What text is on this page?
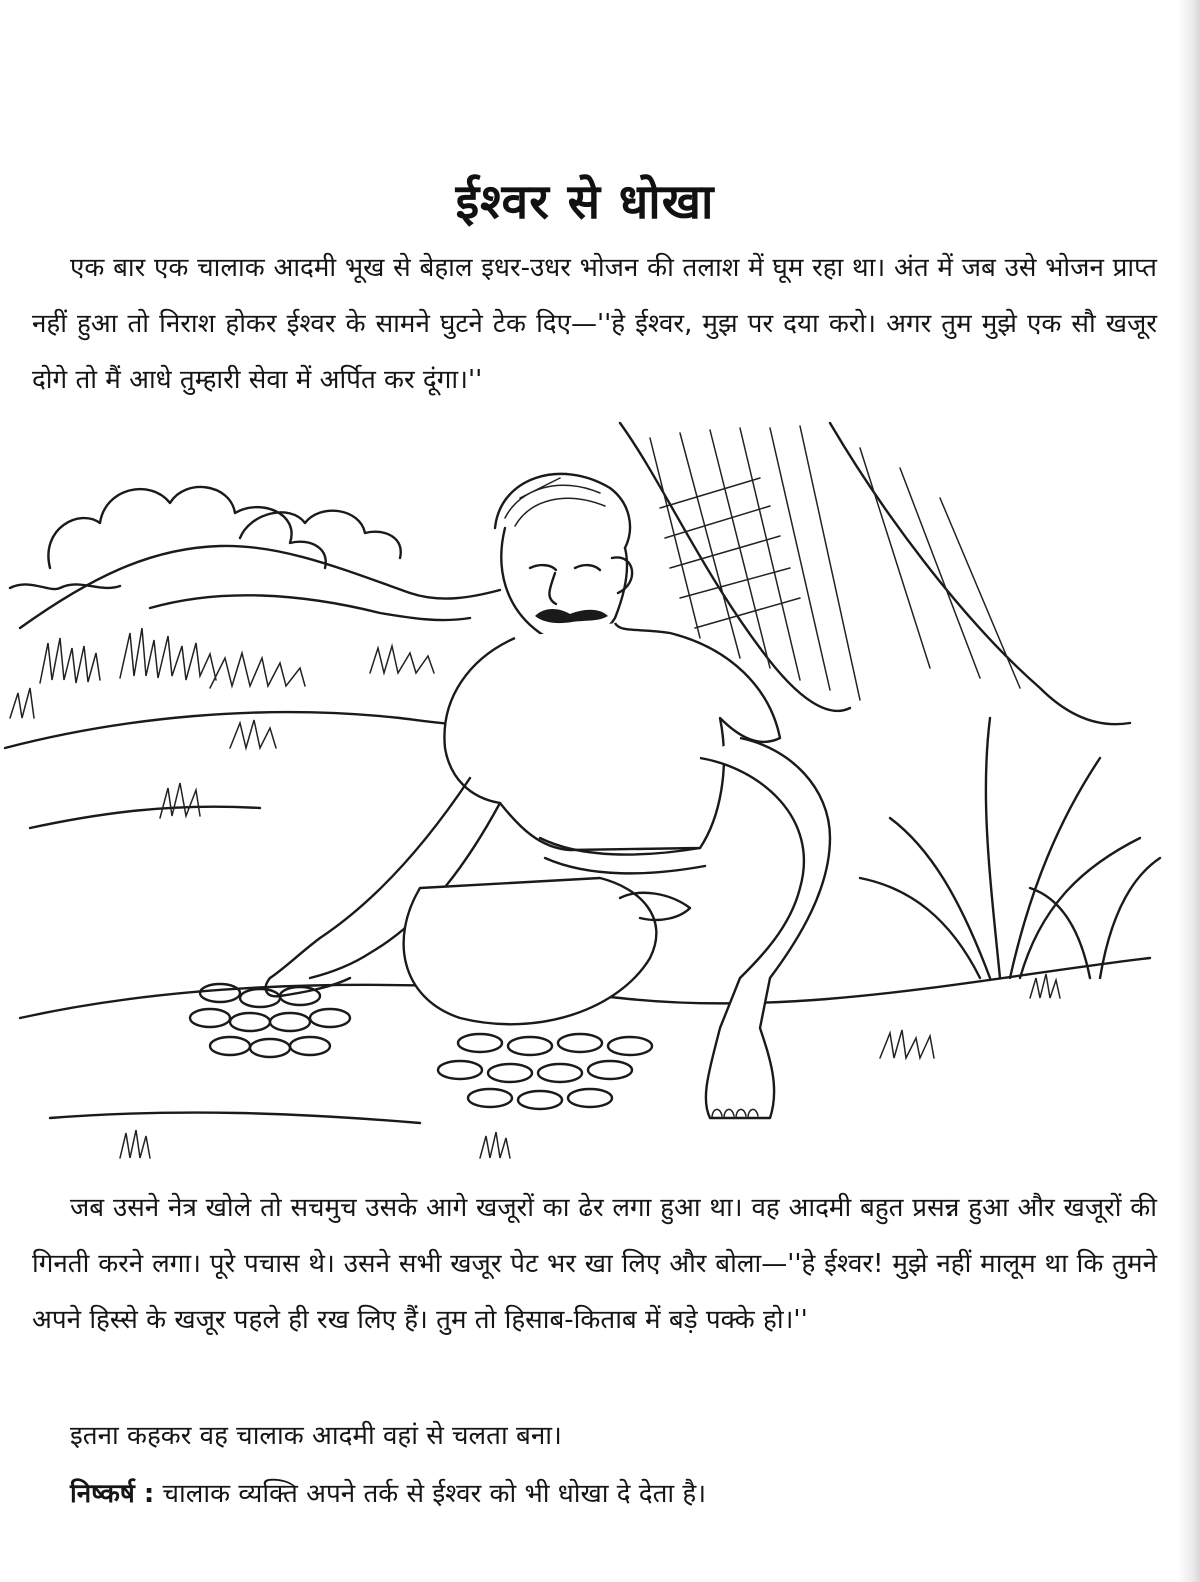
ईश्वर से धोखा

एक बार एक चालाक आदमी भूख से बेहाल इधर-उधर भोजन की तलाश में घूम रहा था। अंत में जब उसे भोजन प्राप्त नहीं हुआ तो निराश होकर ईश्वर के सामने घुटने टेक दिए—''हे ईश्वर, मुझ पर दया करो। अगर तुम मुझे एक सौ खजूर दोगे तो मैं आधे तुम्हारी सेवा में अर्पित कर दूंगा।''

जब उसने नेत्र खोले तो सचमुच उसके आगे खजूरों का ढेर लगा हुआ था। वह आदमी बहुत प्रसन्न हुआ और खजूरों की गिनती करने लगा। पूरे पचास थे। उसने सभी खजूर पेट भर खा लिए और बोला—''हे ईश्वर! मुझे नहीं मालूम था कि तुमने अपने हिस्से के खजूर पहले ही रख लिए हैं। तुम तो हिसाब-किताब में बड़े पक्के हो।''

इतना कहकर वह चालाक आदमी वहां से चलता बना।

निष्कर्ष : चालाक व्यक्ति अपने तर्क से ईश्वर को भी धोखा दे देता है।
